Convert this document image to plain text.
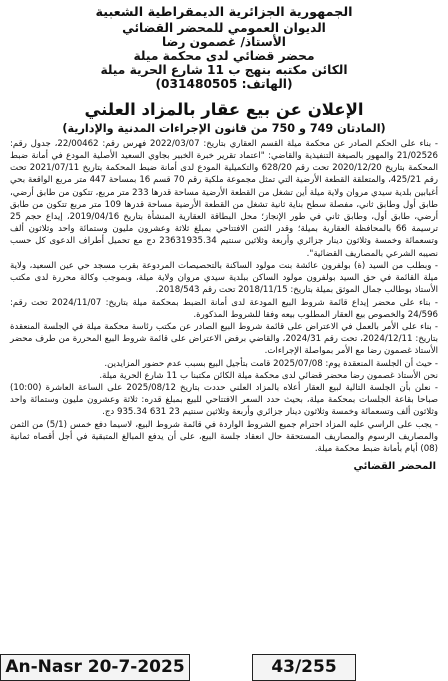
الجمهورية الجزائرية الديمقراطية الشعبية
الديوان العمومي للمحضر القضائي
الأستاذ/ غصمون رضا
محضر قضائي لدى محكمة ميلة
الكائن مكتبه بنهج ب 11 شارع الحرية ميلة
(الهاتف: 031480505)
الإعلان عن بيع عقار بالمزاد العلني
(المادتان 749 و 750 من قانون الإجراءات المدنية والإدارية)

- بناء على الحكم الصادر عن محكمة ميلة القسم العقاري بتاريخ: 2022/03/07 فهرس رقم: 22/00462، جدول رقم: 21/02526 والمهور بالصيغة التنفيذية والقاضي: "اعتماد تقرير خبرة الخبير بجاوي السعيد الأصلية المودع في أمانة ضبط المحكمة بتاريخ 2020/12/20 تحت رقم 628/20 والتكميلية المودع لدى أمانة ضبط المحكمة بتاريخ 2021/07/11 تحت رقم 425/21، والمتعلقة القطعة الأرضية التي تمثل مجموعة ملكية رقم 70 قسم 16 بمساحة 447 متر مربع الواقعة بحي أغبابين بلدية سيدي مروان ولاية ميلة أين تشغل من القطعة الأرضية مساحة قدرها 233 متر مربع، تتكون من طابق أرضي، طابق أول وطابق ثاني، مفصلة سطح بناية ثانية تشغل من القطعة الأرضية مساحة قدرها 109 متر مربع تتكون من طابق أرضي، طابق أول، وطابق ثاني في طور الإنجاز؛ محل البطاقة العقارية المنشأة بتاريخ 2019/04/16، إيداع حجم 25 ترسيمة 66 بالمحافظة العقارية بميلة؛ وقدر الثمن الافتتاحي بمبلغ ثلاثة وعشرون مليون وستمائة واحد وثلاثون ألف وتسعمائة وخمسة وثلاثون دينار جزائري وأربعة وثلاثين سنتيم 23631935.34 دج مع تحميل أطراف الدعوى كل حسب نصيبه الشرعي بالمصاريف القضائية".

- وبطلب من السيد (ة) بولفرون عائشة بنت مولود الساكنة بالتحصيصات المردوعة بقرب مسجد حي عين السعيد، ولاية ميلة القائمة في حق السيد بولفرون مولود الساكن ببلدية سيدي مروان ولاية ميلة، وبموجب وكالة محررة لدى مكتب الأستاذ بوطالب جمال الموثق بميلة بتاريخ: 2018/11/15 تحت رقم 2018/543.

- بناء على محضر إيداع قائمة شروط البيع المودعة لدى أمانة الضبط بمحكمة ميلة بتاريخ: 2024/11/07 تحت رقم: 24/596 والخصوص بيع العقار المطلوب بيعه وفقا للشروط المذكورة.

- بناء على الأمر بالعمل في الاعتراض على قائمة شروط البيع الصادر عن مكتب رئاسة محكمة ميلة في الجلسة المنعقدة بتاريخ: 2024/12/11، تحت رقم 2024/31، والقاضي برفض الاعتراض على قائمة شروط البيع المحررة من طرف محضر الأستاذ غصمون رضا مع الأمر بمواصلة الإجراءات.

- حيث أن الجلسة المنعقدة يوم: 2025/07/08 قامت بتأجيل البيع بسبب عدم حضور المزايدين.

نحن الأستاذ غصمون رضا محضر قضائي لدى محكمة ميلة الكائن مكتبنا ب 11 شارع الحرية ميلة.

- نعلن بأن الجلسة التالية لبيع العقار أعلاه بالمزاد العلني حددت بتاريخ 2025/08/12 على الساعة العاشرة (10:00) صباحا بقاعة الجلسات بمحكمة ميلة، بحيث حدد السعر الافتتاحي للبيع بمبلغ قدره: ثلاثة وعشرون مليون وستمائة واحد وثلاثون ألف وتسعمائة وخمسة وثلاثون دينار جزائري وأربعة وثلاثين سنتيم 23 631 935.34 دج.

- يجب على الراسي عليه المزاد احترام جميع الشروط الواردة في قائمة شروط البيع، لاسيما دفع خمس (5/1) من الثمن والمصاريف الرسوم والمصاريف المستحقة حال انعقاد جلسة البيع، على أن يدفع المبالغ المتبقية في أجل أقصاه ثمانية (08) أيام بأمانة ضبط محكمة ميلة.

المحضر القضائي
An-Nasr 20-7-2025	43/255
